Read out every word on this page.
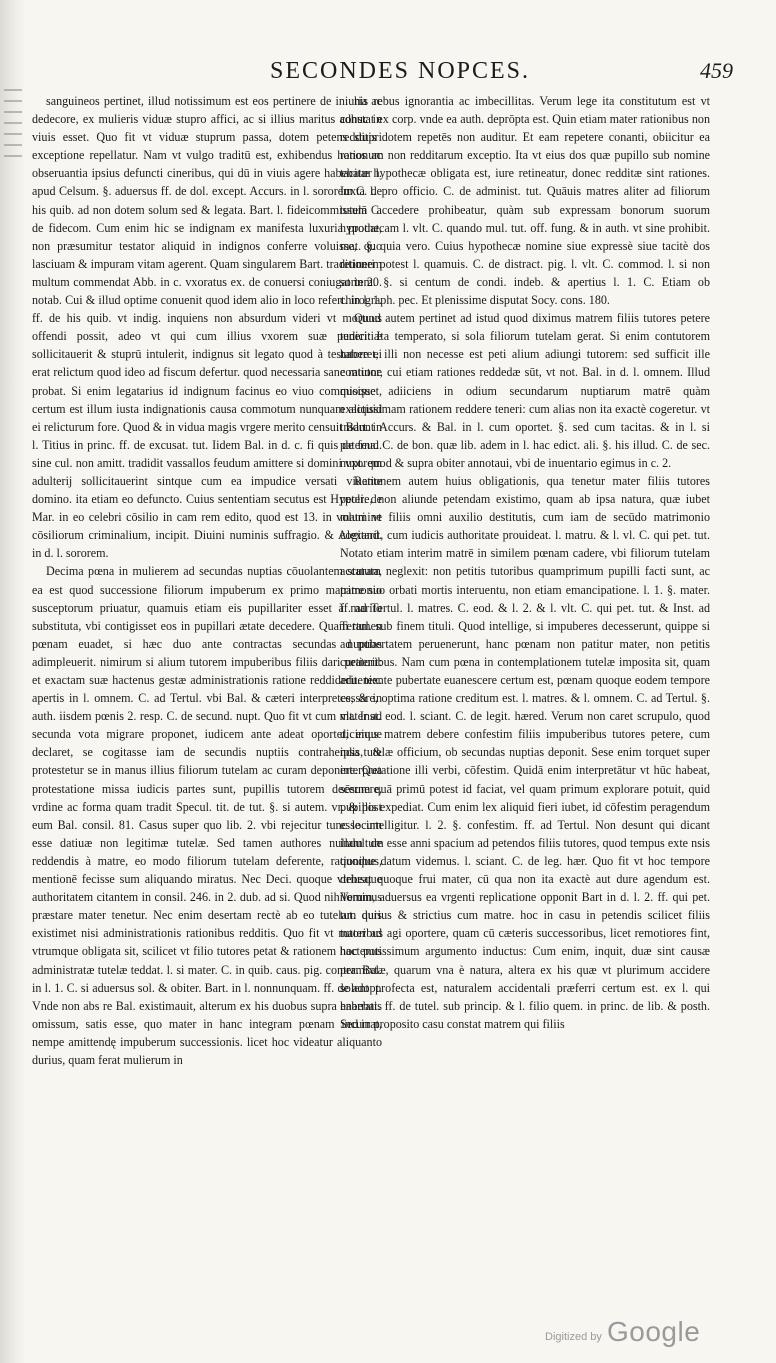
SECONDES NOPCES.	459

sanguineos pertinet, illud notissimum est eos pertinere de iniuria ac dedecore, ex mulieris viduæ stupro affici, ac si illius maritus adhuc in viuis esset. Quo fit vt viduæ stuprum passa, dotem petens stupri exceptione repellatur. Nam vt vulgo traditū est, exhibendus honos ac obseruantia ipsius defuncti cineribus, qui dū in viuis agere habebatur l. apud Celsum. §. aduersus ff. de dol. except. Accurs. in l. sororem C. de his quib. ad non dotem solum sed & legata. Bart. l. fideicommissum C. de fidecom. Cum enim hic se indignam ex manifesta luxuria prodat, non præsumitur testator aliquid in indignos conferre voluisse, quo lasciuam & impuram vitam agerent. Quam singularem Bart. traditionem multum commendat Abb. in c. vxoratus ex. de conuersi coniugat in 20. notab. Cui & illud optime conuenit quod idem alio in loco refert. in l. 1. ff. de his quib. vt indig. inquiens non absurdum videri vt mortuus offendi possit, adeo vt qui cum illius vxorem suæ pudicitiæ sollicitauerit & stuprū intulerit, indignus sit legato quod à testatore ei erat relictum quod ideo ad fiscum defertur. quod necessaria sane ratione probat. Si enim legatarius id indignum facinus eo viuo commisisset, certum est illum iusta indignationis causa commotum nunquam aliquid ei relicturum fore. Quod & in vidua magis vrgere merito censuit Bart. in l. Titius in princ. ff. de excusat. tut. Iidem Bal. in d. c. fi quis de feud. sine cul. non amitt. tradidit vassallos feudum amittere si domini vxorem adulterij sollicitauerint sintque cum ea impudice versati viuente domino. ita etiam eo defuncto. Cuius sententiam secutus est Hypoli. de Mar. in eo celebri cōsilio in cam rem edito, quod est 13. in volumine cōsiliorum criminalium, incipit. Diuini numinis suffragio. & Alexand. in d. l. sororem.

Decima pœna in mulierem ad secundas nuptias cōuolantem statuta, ea est quod successione filiorum impuberum ex primo matrimonio susceptorum priuatur, quamuis etiam eis pupillariter esset à marito substituta, vbi contigisset eos in pupillari ætate decedere. Quam tamen pœnam euadet, si hæc duo ante contractas secundas nuptias adimpleuerit. nimirum si alium tutorem impuberibus filiis dari petierit: et exactam suæ hactenus gestæ administrationis ratione reddiderit. tex. apertis in l. omnem. C. ad Tertul. vbi Bal. & cæteri interpretes, & in auth. iisdem pœnis 2. resp. C. de secund. nupt. Quo fit vt cum mater ad secunda vota migrare proponet, iudicem ante adeat oportet, eique declaret, se cogitasse iam de secundis nuptiis contrahendis, & protestetur se in manus illius filiorum tutelam ac curam deponere. Qua protestatione missa iudicis partes sunt, pupillis tutorem decernere, vrdine ac forma quam tradit Specul. tit. de tut. §. si autem. vr. & post eum Bal. consil. 81. Casus super quo lib. 2. vbi rejecitur tunc locum esse datiuæ non legitimæ tutelæ. Sed tamen authores nullam de reddendis à matre, eo modo filiorum tutelam deferente, rationibus, mentionē fecisse sum aliquando miratus. Nec Deci. quoque vtriusque authoritatem citantem in consil. 246. in 2. dub. ad si. Quod nihilominus præstare mater tenetur. Nec enim desertam rectè ab eo tutelam quis existimet nisi administrationis rationibus redditis. Quo fit vt mater ad vtrumque obligata sit, scilicet vt filio tutores petat & rationem hactenus administratæ tutelæ teddat. l. si mater. C. in quib. caus. pig. contra. Bal. in l. 1. C. si aduersus sol. & obiter. Bart. in l. nonnunquam. ff. de adopt. Vnde non abs re Bal. existimauit, alterum ex his duobus supra enarratis omissum, satis esse, quo mater in hanc integram pœnam incurrat, nempe amittendę impuberum successionis. licet hoc videatur aliquanto durius, quam ferat mulierum in

his rebus ignorantia ac imbecillitas. Verum lege ita constitutum est vt constat ex corp. vnde ea auth. deprōpta est. Quin etiam mater rationibus non redditis dotem repetēs non auditur. Et eam repetere conanti, obiicitur ea rationum non redditarum exceptio. Ita vt eius dos quæ pupillo sub nomine tacitæ hypothecæ obligata est, iure retineatur, donec redditæ sint rationes. Iuxta l. pro officio. C. de administ. tut. Quāuis matres aliter ad filiorum tutelā accedere prohibeatur, quàm sub expressam bonorum suorum hypothecam l. vlt. C. quando mul. tut. off. fung. & in auth. vt sine prohibit. mat. §. quia vero. Cuius hypothecæ nomine siue expressè siue tacitè dos retineri potest l. quamuis. C. de distract. pig. l. vlt. C. commod. l. si non sortem. §. si centum de condi. indeb. & apertius l. 1. C. Etiam ob chirograph. pec. Et plenissime disputat Socy. cons. 180.

Quod autem pertinet ad istud quod diximus matrem filiis tutores petere teneri: Ita temperato, si sola filiorum tutelam gerat. Si enim contutorem haberet, illi non necesse est peti alium adiungi tutorem: sed sufficit ille contutor, cui etiam rationes reddedæ sūt, vt not. Bal. in d. l. omnem. Illud quoque adiiciens in odium secundarum nuptiarum matrē quàm exactissimam rationem reddere teneri: cum alias non ita exactè cogeretur. vt tradunt Accurs. & Bal. in l. cum oportet. §. sed cum tacitas. & in l. si paterna. C. de bon. quæ lib. adem in l. hac edict. ali. §. his illud. C. de sec. nupt. quod & supra obiter annotaui, vbi de inuentario egimus in c. 2.

Rationem autem huius obligationis, qua tenetur mater filiis tutores petere, non aliunde petendam existimo, quam ab ipsa natura, quæ iubet matri vt filiis omni auxilio destitutis, cum iam de secūdo matrimonio cogitarit, cum iudicis authoritate prouideat. l. matru. & l. vl. C. qui pet. tut. Notato etiam interim matrē in similem pœnam cadere, vbi filiorum tutelam accuram neglexit: non petitis tutoribus quamprimum pupilli facti sunt, ac patre suo orbati mortis interuentu, non etiam emancipatione. l. 1. §. mater. ff. ad Tertul. l. matres. C. eod. & l. 2. & l. vlt. C. qui pet. tut. & Inst. ad Tertul. sub finem tituli. Quod intellige, si impuberes decesserunt, quippe si ad pubertatem peruenerunt, hanc pœnam non patitur mater, non petitis curatoribus. Nam cum pœna in contemplationem tutelæ imposita sit, quam adueniente pubertate euanescere certum est, pœnam quoque eodem tempore cessare, optima ratione creditum est. l. matres. & l. omnem. C. ad Tertul. §. vlt. Inst. eod. l. sciant. C. de legit. hæred. Verum non caret scrupulo, quod dicimus matrem debere confestim filiis impuberibus tutores petere, cum ipsa tutelæ officium, ob secundas nuptias deponit. Sese enim torquet super interpretatione illi verbi, cōfestim. Quidā enim interpretātur vt hūc habeat, sēsum quā primū potest id faciat, vel quam primum explorare potuit, quid pupillis expediat. Cum enim lex aliquid fieri iubet, id cōfestim peragendum esse intelligitur. l. 2. §. confestim. ff. ad Tertul. Non desunt qui dicant indultum esse anni spacium ad petendos filiis tutores, quod tempus exte nsis quoque datum videmus. l. sciant. C. de leg. hær. Quo fit vt hoc tempore debeat quoque frui mater, cū qua non ita exactè aut dure agendum est. Verum, aduersus ea vrgenti replicatione opponit Bart in d. l. 2. ff. qui pet. tut. durius & strictius cum matre. hoc in casu in petendis scilicet filiis tutoribus agi oportere, quam cū cæteris successoribus, licet remotiores fint, hoc potissimum argumento inductus: Cum enim, inquit, duæ sint causæ permixtæ, quarum vna è natura, altera ex his quæ vt plurimum accidere solent profecta est, naturalem accidentali præferri certum est. ex l. qui habebat. ff. de tutel. sub princip. & l. filio quem. in princ. de lib. & posth. Sed in proposito casu constat matrem qui filiis

Digitized by Google
